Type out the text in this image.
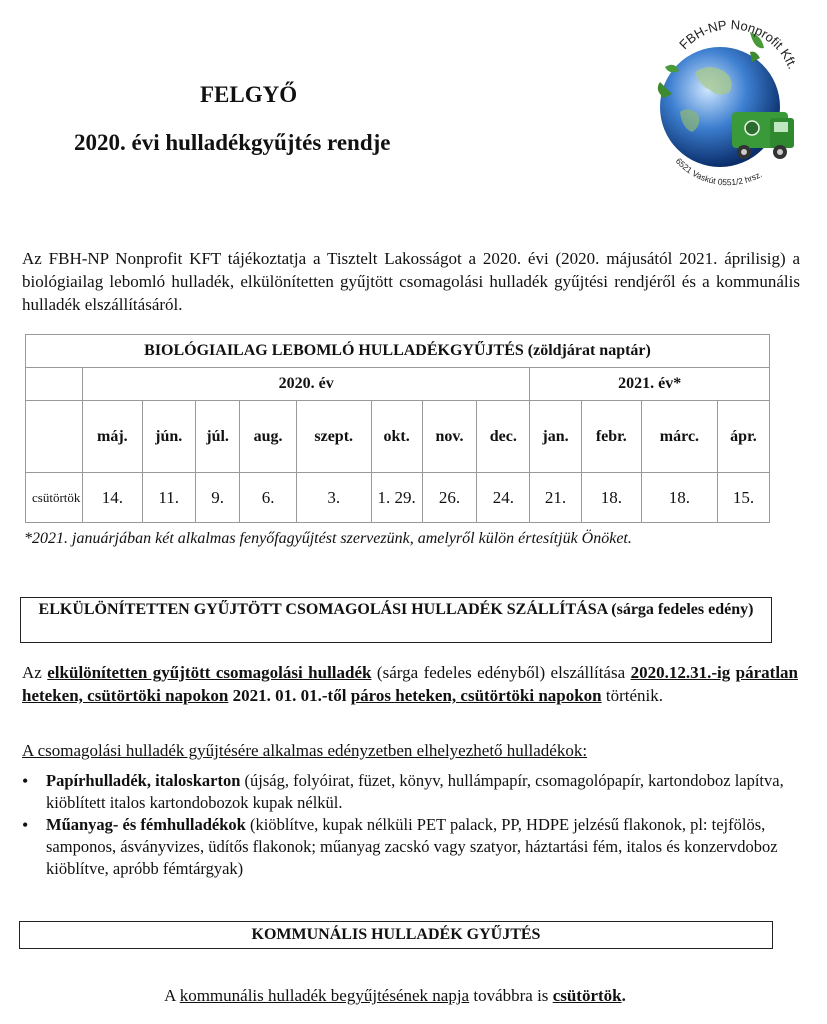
FELGYŐ
2020. évi hulladékgyűjtés rendje
FBH-NP Nonprofit Kft.
6521 Vaskút 0551/2 hrsz.
Az FBH-NP Nonprofit KFT tájékoztatja a Tisztelt Lakosságot a 2020. évi (2020. májusától 2021. áprilisig) a biológiailag lebomló hulladék, elkülönítetten gyűjtött csomagolási hulladék gyűjtési rendjéről és a kommunális hulladék elszállításáról.
BIOLÓGIAILAG LEBOMLÓ HULLADÉKGYŰJTÉS (zöldjárat naptár)												
	2020. év								2021. év*			
	máj.	jún.	júl.	aug.	szept.	okt.	nov.	dec.	jan.	febr.	márc.	ápr.
csütörtök	14.	11.	9.	6.	3.	1. 29.	26.	24.	21.	18.	18.	15.
*2021. januárjában két alkalmas fenyőfagyűjtést szervezünk, amelyről külön értesítjük Önöket.
ELKÜLÖNÍTETTEN GYŰJTÖTT CSOMAGOLÁSI HULLADÉK SZÁLLÍTÁSA (sárga fedeles edény)
Az elkülönítetten gyűjtött csomagolási hulladék (sárga fedeles edényből) elszállítása 2020.12.31.-ig páratlan heteken, csütörtöki napokon 2021. 01. 01.-től páros heteken, csütörtöki napokon történik.
A csomagolási hulladék gyűjtésére alkalmas edényzetben elhelyezhető hulladékok:
• Papírhulladék, italoskarton (újság, folyóirat, füzet, könyv, hullámpapír, csomagolópapír, kartondoboz lapítva, kiöblített italos kartondobozok kupak nélkül.
• Műanyag- és fémhulladékok (kiöblítve, kupak nélküli PET palack, PP, HDPE jelzésű flakonok, pl: tejfölös, samponos, ásványvizes, üdítős flakonok; műanyag zacskó vagy szatyor, háztartási fém, italos és konzervdoboz kiöblítve, apróbb fémtárgyak)
KOMMUNÁLIS HULLADÉK GYŰJTÉS
A kommunális hulladék begyűjtésének napja továbbra is csütörtök.
